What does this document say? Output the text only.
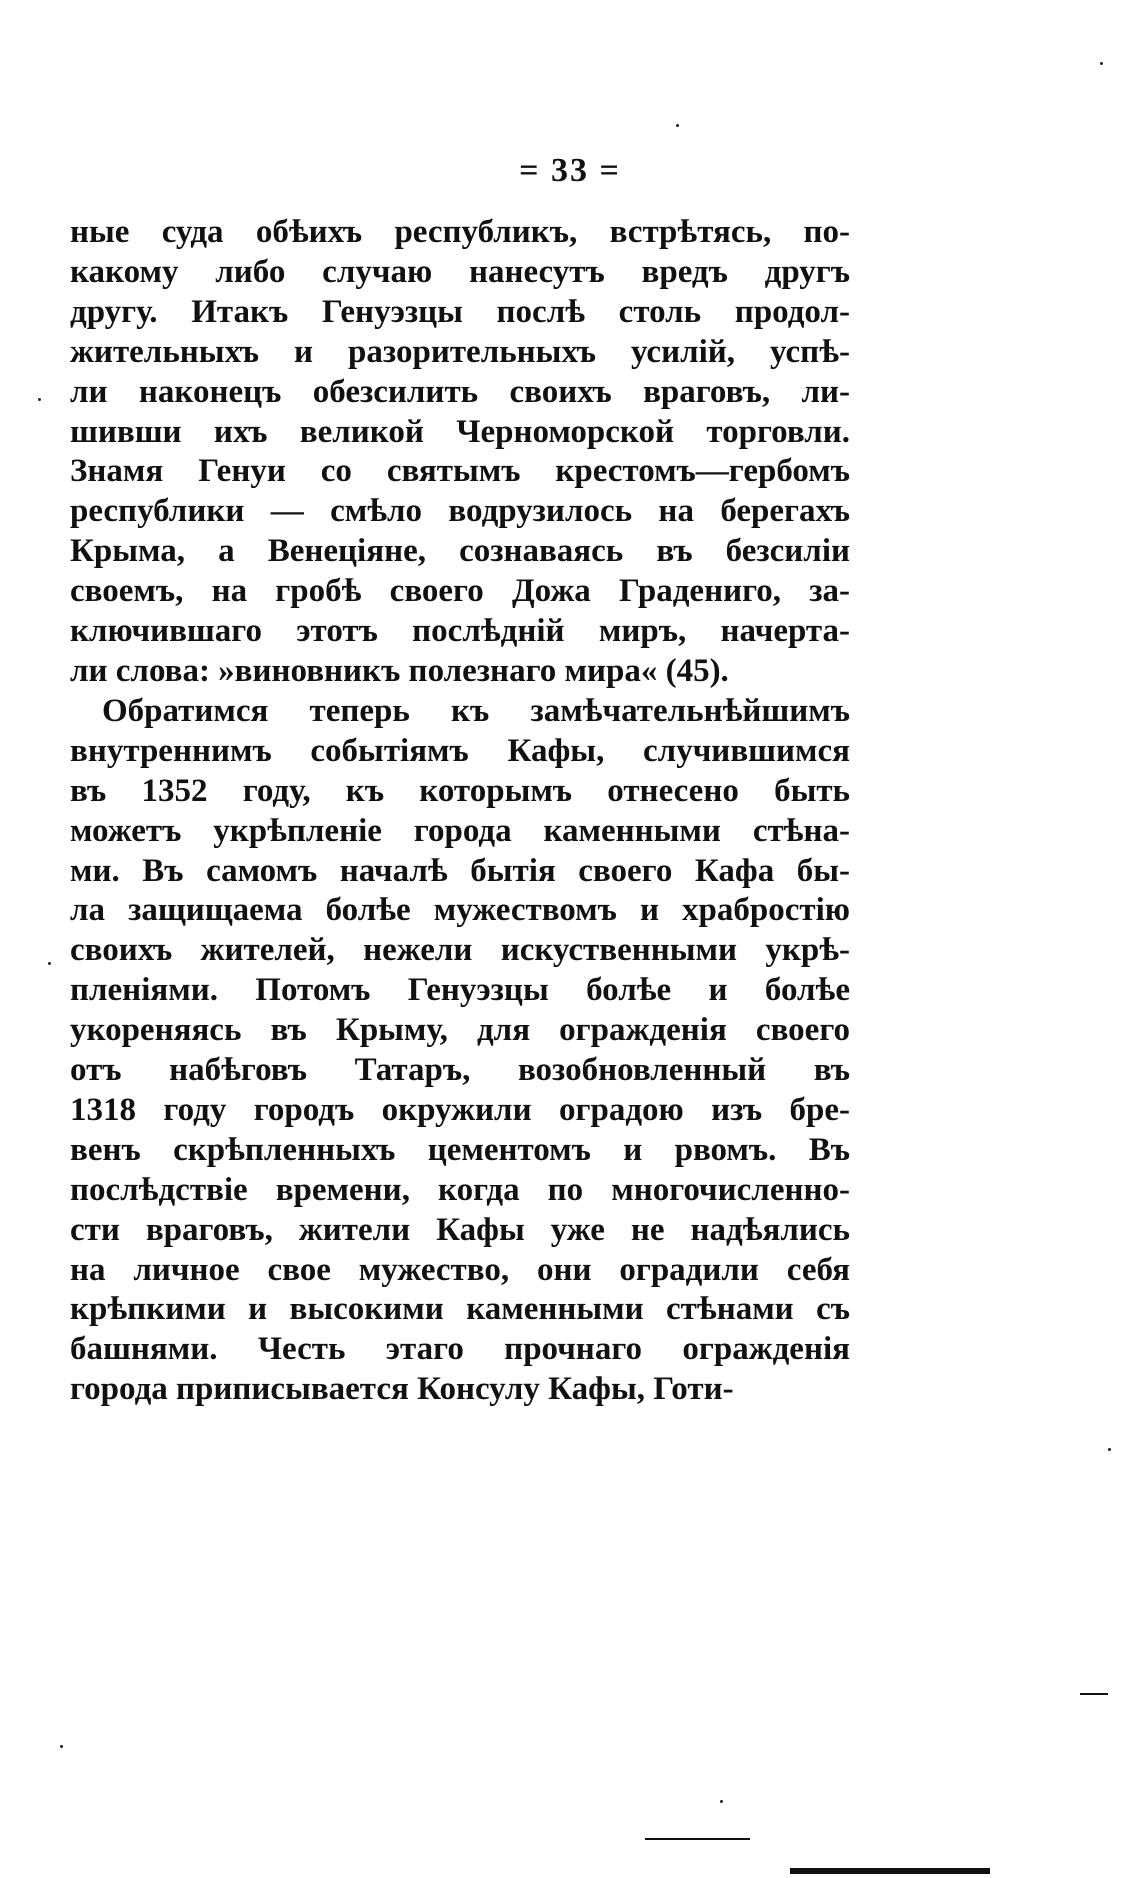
= 33 =
ные суда обѣихъ республикъ, встрѣтясь, по-
какому либо случаю нанесутъ вредъ другъ
другу. Итакъ Генуэзцы послѣ столь продол-
жительныхъ и разорительныхъ усилій, успѣ-
ли наконецъ обезсилить своихъ враговъ, ли-
шивши ихъ великой Черноморской торговли.
Знамя Генуи со святымъ крестомъ—гербомъ
республики — смѣло водрузилось на берегахъ
Крыма, а Венеціяне, сознаваясь въ безсиліи
своемъ, на гробѣ своего Дожа Градениго, за-
ключившаго этотъ послѣдній миръ, начерта-
ли слова: »виновникъ полезнаго мира« (45).
Обратимся теперь къ замѣчательнѣйшимъ
внутреннимъ событіямъ Кафы, случившимся
въ 1352 году, къ которымъ отнесено быть
можетъ укрѣпленіе города каменными стѣна-
ми. Въ самомъ началѣ бытія своего Кафа бы-
ла защищаема болѣе мужествомъ и храбростію
своихъ жителей, нежели искуственными укрѣ-
пленіями. Потомъ Генуэзцы болѣе и болѣе
укореняясь въ Крыму, для огражденія своего
отъ набѣговъ Татаръ, возобновленный въ
1318 году городъ окружили оградою изъ бре-
венъ скрѣпленныхъ цементомъ и рвомъ. Въ
послѣдствіе времени, когда по многочисленно-
сти враговъ, жители Кафы уже не надѣялись
на личное свое мужество, они оградили себя
крѣпкими и высокими каменными стѣнами съ
башнями. Честь этаго прочнаго огражденія
города приписывается Консулу Кафы, Готи-
